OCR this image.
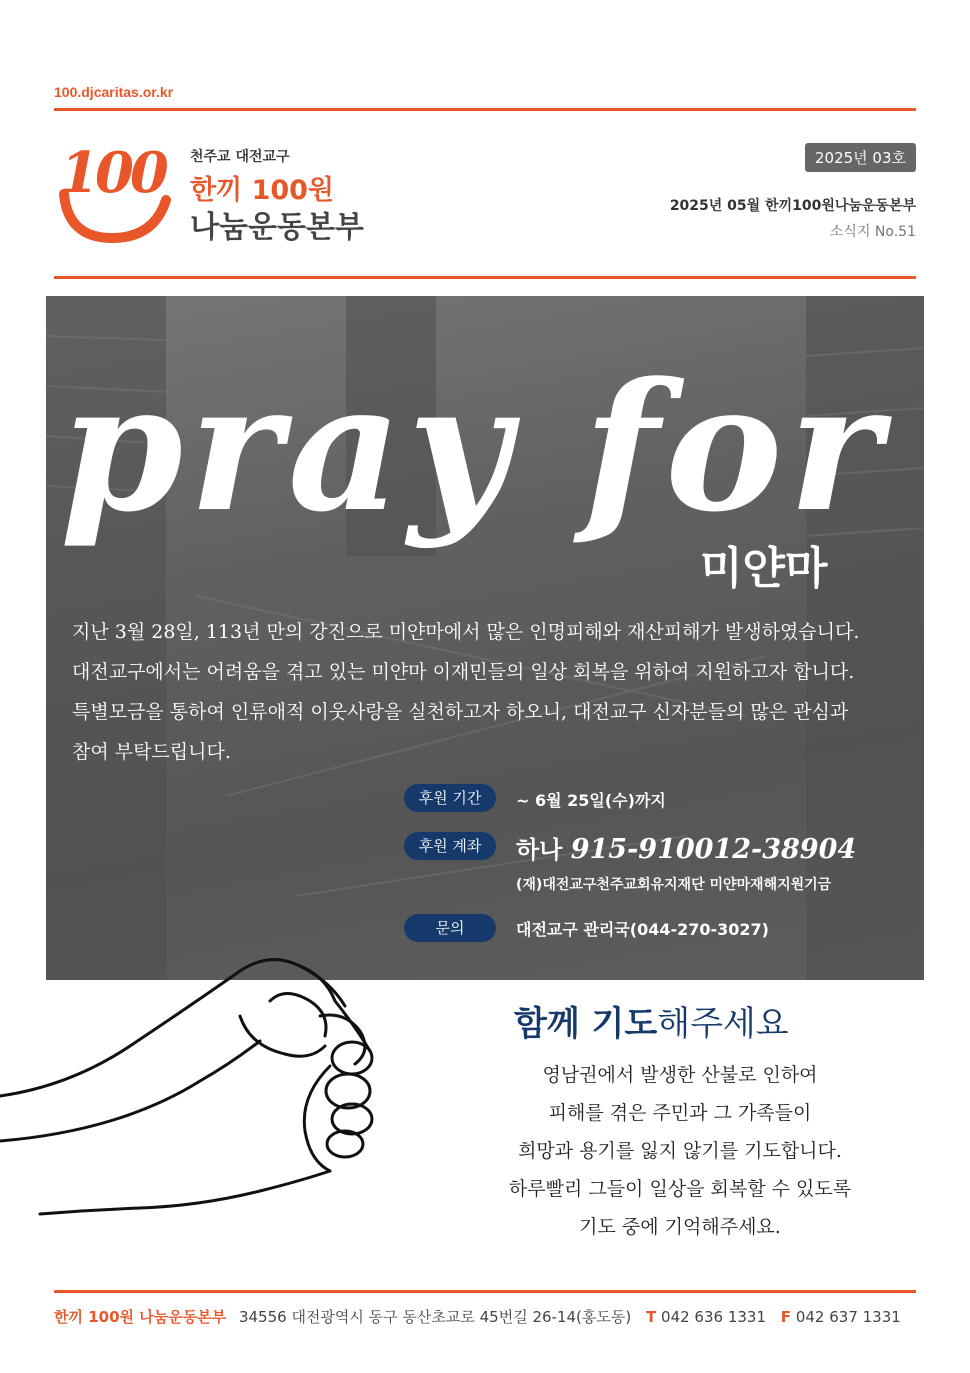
100.djcaritas.or.kr
100 천주교 대전교구
한끼 100원
나눔운동본부
2025년 03호
2025년 05월 한끼100원나눔운동본부
소식지 No.51
pray for
미얀마

지난 3월 28일, 113년 만의 강진으로 미얀마에서 많은 인명피해와 재산피해가 발생하였습니다.

대전교구에서는 어려움을 겪고 있는 미얀마 이재민들의 일상 회복을 위하여 지원하고자 합니다.

특별모금을 통하여 인류애적 이웃사랑을 실천하고자 하오니, 대전교구 신자분들의 많은 관심과

참여 부탁드립니다.

후원 기간	~ 6월 25일(수)까지
후원 계좌	하나 915-910012-38904
(재)대전교구천주교회유지재단 미얀마재해지원기금
문의	대전교구 관리국(044-270-3027)
함께 기도해주세요

영남권에서 발생한 산불로 인하여

피해를 겪은 주민과 그 가족들이

희망과 용기를 잃지 않기를 기도합니다.

하루빨리 그들이 일상을 회복할 수 있도록

기도 중에 기억해주세요.

한끼 100원 나눔운동본부 34556 대전광역시 동구 동산초교로 45번길 26-14(홍도동) T 042 636 1331 F 042 637 1331
